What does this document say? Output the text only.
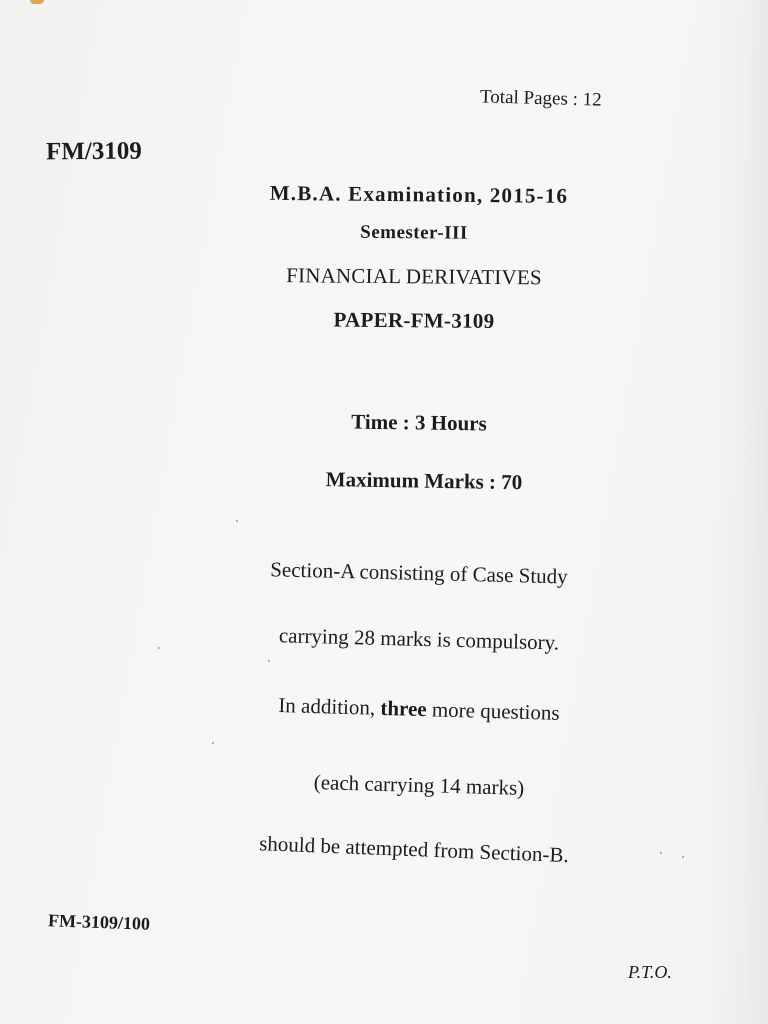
Total Pages : 12
FM/3109
M.B.A. Examination, 2015-16
Semester-III
FINANCIAL DERIVATIVES
PAPER-FM-3109
Time : 3 Hours
Maximum Marks : 70
Section-A consisting of Case Study
carrying 28 marks is compulsory.
In addition, three more questions
(each carrying 14 marks)
should be attempted from Section-B.
FM-3109/100
P.T.O.
